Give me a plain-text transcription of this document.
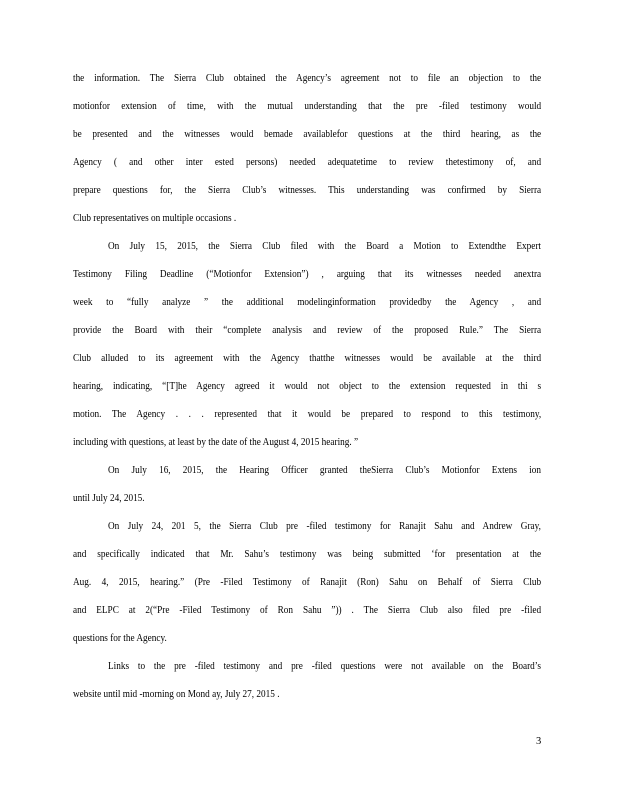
the information. The Sierra Club obtained the Agency’s agreement not to file an objection to the
motionfor extension of time, with the mutual understanding that the pre -filed testimony would
be presented and the witnesses would bemade availablefor questions at the third hearing, as the
Agency ( and other inter ested persons) needed adequatetime to review thetestimony of, and
prepare questions for, the Sierra Club’s witnesses. This understanding was confirmed by Sierra
Club representatives on multiple occasions .
On July 15, 2015, the Sierra Club filed with the Board a Motion to Extendthe Expert
Testimony Filing Deadline (“Motionfor Extension”) , arguing that its witnesses needed anextra
week to “fully analyze ” the additional modelinginformation providedby the Agency , and
provide the Board with their “complete analysis and review of the proposed Rule.” The Sierra
Club alluded to its agreement with the Agency thatthe witnesses would be available at the third
hearing, indicating, “[T]he Agency agreed it would not object to the extension requested in thi s
motion. The Agency . . . represented that it would be prepared to respond to this testimony,
including with questions, at least by the date of the August 4, 2015 hearing. ”
On July 16, 2015, the Hearing Officer granted theSierra Club’s Motionfor Extens ion
until July 24, 2015.
On July 24, 201 5, the Sierra Club pre -filed testimony for Ranajit Sahu and Andrew Gray,
and specifically indicated that Mr. Sahu’s testimony was being submitted ‘for presentation at the
Aug. 4, 2015, hearing.” (Pre -Filed Testimony of Ranajit (Ron) Sahu on Behalf of Sierra Club
and ELPC at 2(“Pre -Filed Testimony of Ron Sahu ”)) . The Sierra Club also filed pre -filed
questions for the Agency.
Links to the pre -filed testimony and pre -filed questions were not available on the Board’s
website until mid -morning on Mond ay, July 27, 2015 .
3
